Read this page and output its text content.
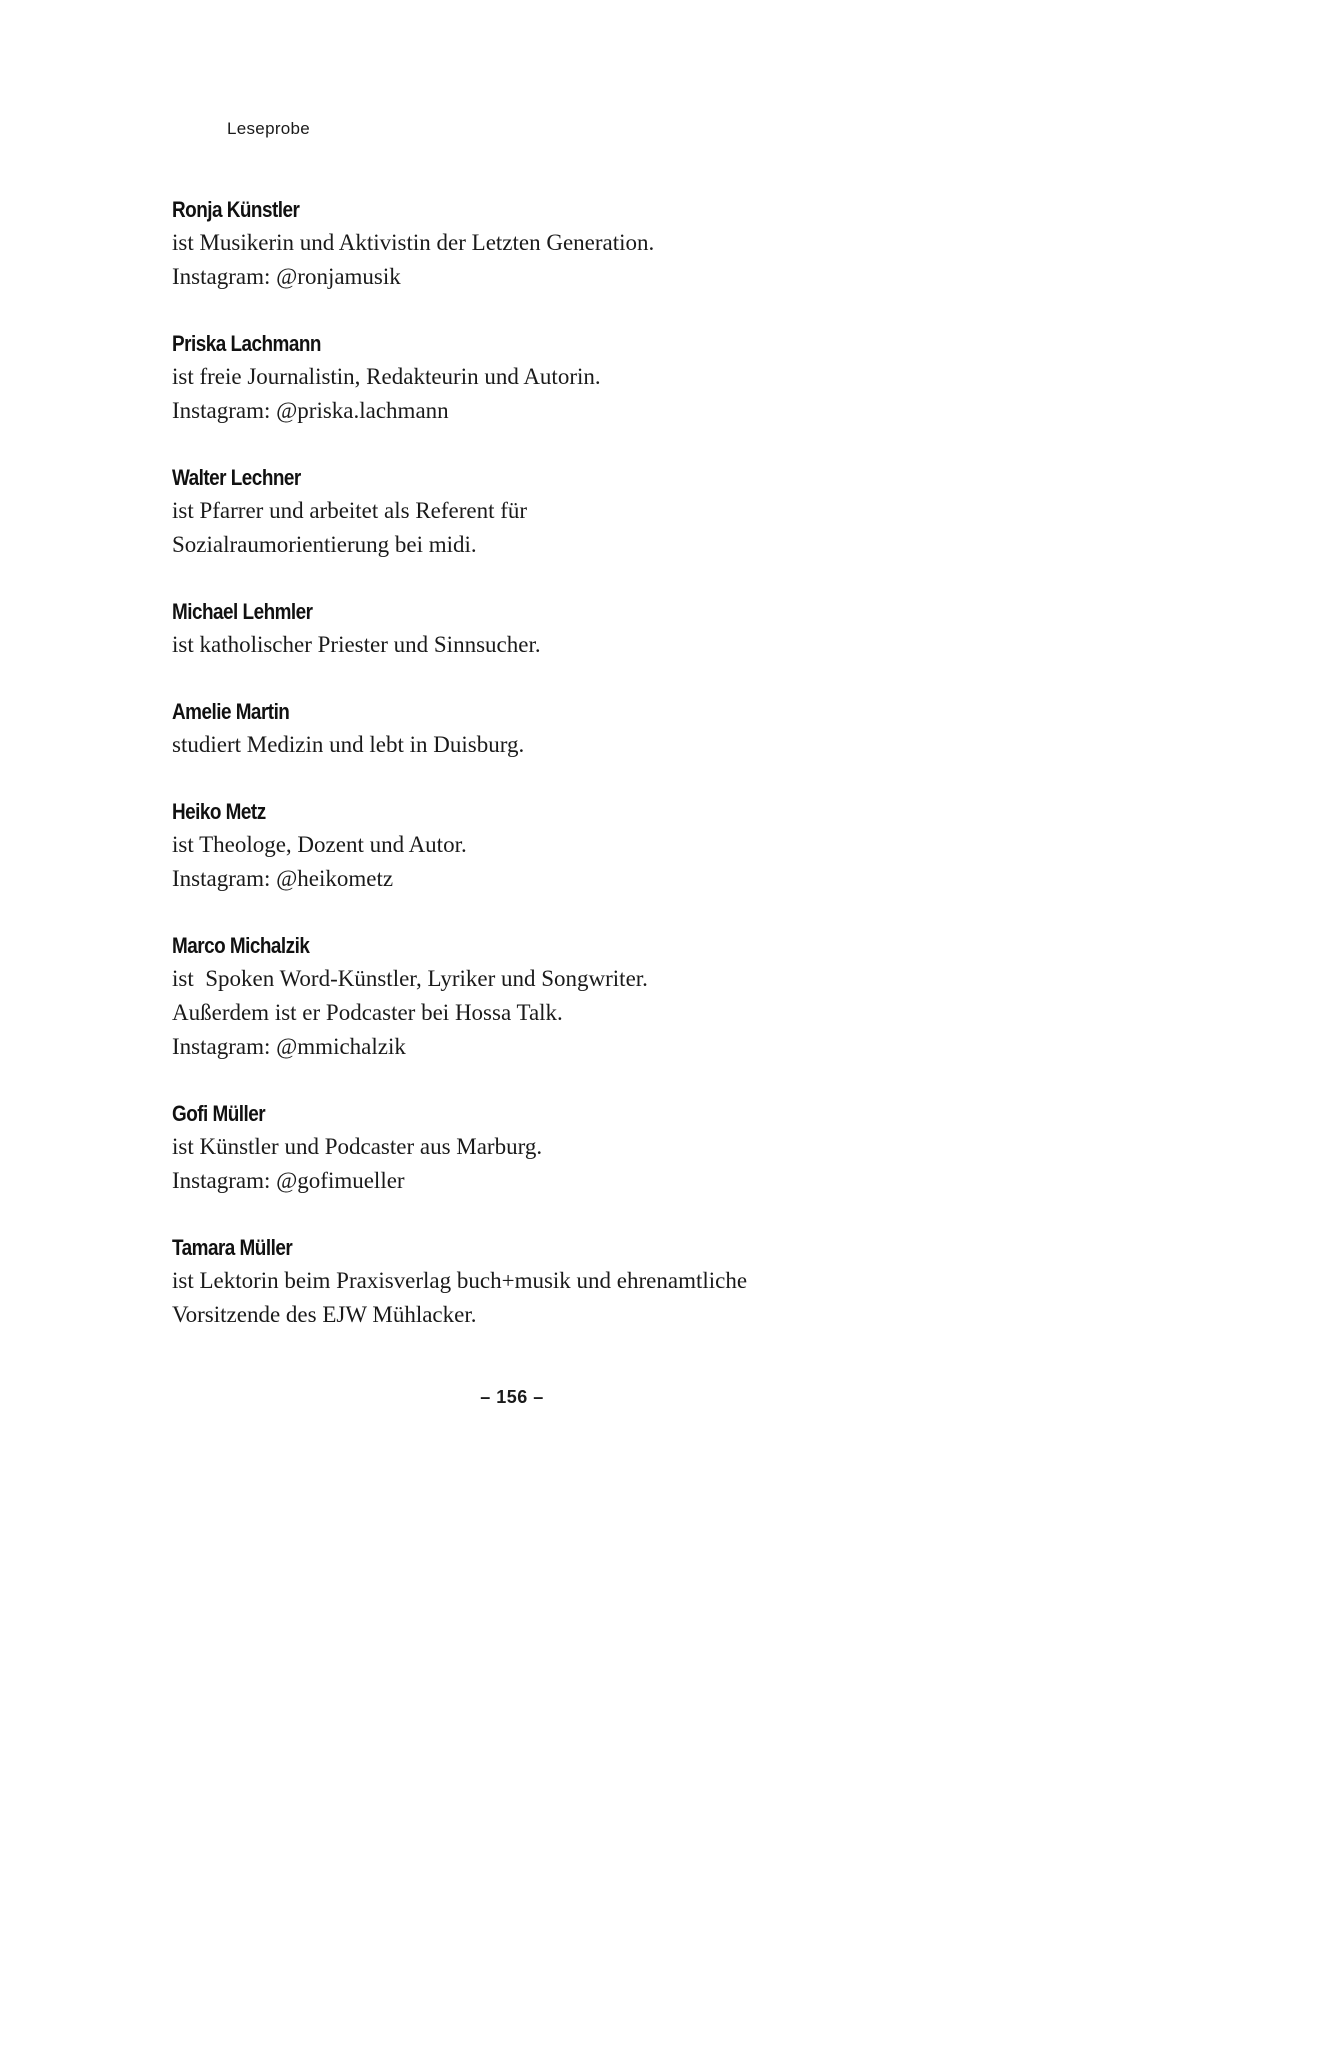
Leseprobe
Ronja Künstler
ist Musikerin und Aktivistin der Letzten Generation.
Instagram: @ronjamusik
Priska Lachmann
ist freie Journalistin, Redakteurin und Autorin.
Instagram: @priska.lachmann
Walter Lechner
ist Pfarrer und arbeitet als Referent für
Sozialraumorientierung bei midi.
Michael Lehmler
ist katholischer Priester und Sinnsucher.
Amelie Martin
studiert Medizin und lebt in Duisburg.
Heiko Metz
ist Theologe, Dozent und Autor.
Instagram: @heikometz
Marco Michalzik
ist  Spoken Word-Künstler, Lyriker und Songwriter.
Außerdem ist er Podcaster bei Hossa Talk.
Instagram: @mmichalzik
Gofi Müller
ist Künstler und Podcaster aus Marburg.
Instagram: @gofimueller
Tamara Müller
ist Lektorin beim Praxisverlag buch+musik und ehrenamtliche
Vorsitzende des EJW Mühlacker.
– 156 –
